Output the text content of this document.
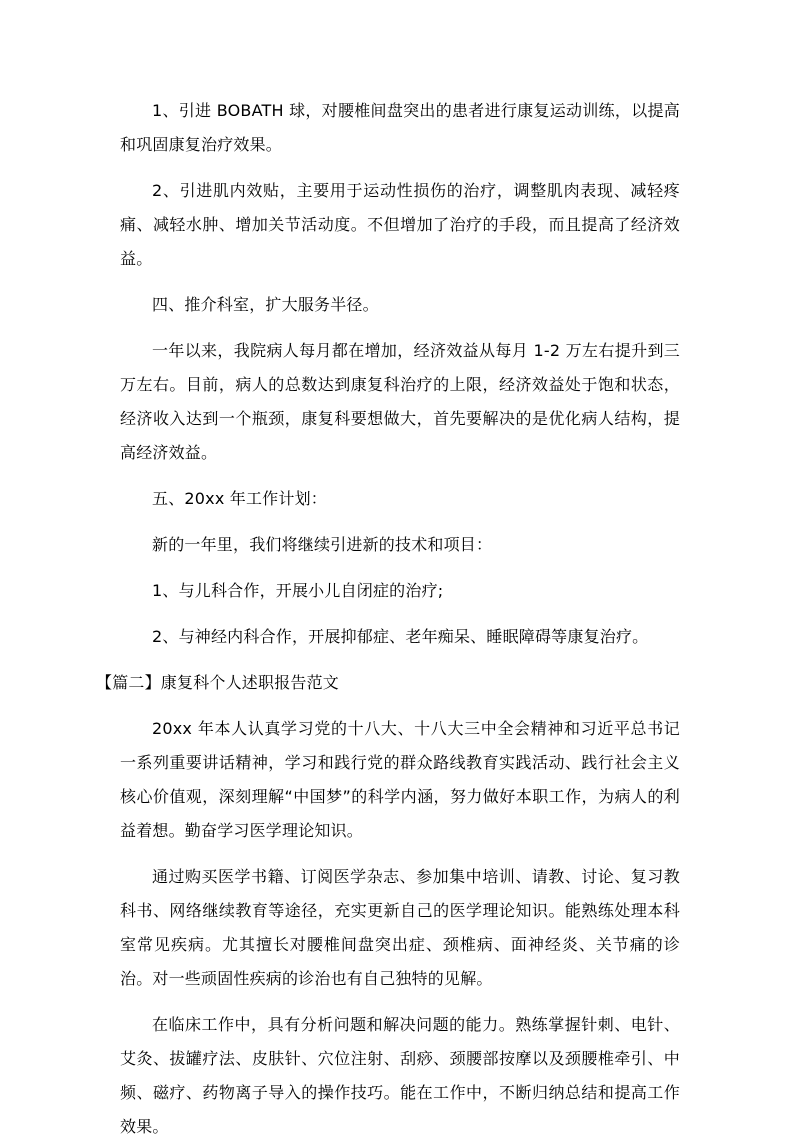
1、引进 BOBATH 球，对腰椎间盘突出的患者进行康复运动训练，以提高和巩固康复治疗效果。

2、引进肌内效贴，主要用于运动性损伤的治疗，调整肌肉表现、减轻疼痛、减轻水肿、增加关节活动度。不但增加了治疗的手段，而且提高了经济效益。

四、推介科室，扩大服务半径。

一年以来，我院病人每月都在增加，经济效益从每月 1-2 万左右提升到三万左右。目前，病人的总数达到康复科治疗的上限，经济效益处于饱和状态，经济收入达到一个瓶颈，康复科要想做大，首先要解决的是优化病人结构，提高经济效益。

五、20xx 年工作计划：

新的一年里，我们将继续引进新的技术和项目：

1、与儿科合作，开展小儿自闭症的治疗;

2、与神经内科合作，开展抑郁症、老年痴呆、睡眠障碍等康复治疗。

【篇二】康复科个人述职报告范文

20xx 年本人认真学习党的十八大、十八大三中全会精神和习近平总书记一系列重要讲话精神，学习和践行党的群众路线教育实践活动、践行社会主义核心价值观，深刻理解“中国梦”的科学内涵，努力做好本职工作，为病人的利益着想。勤奋学习医学理论知识。

通过购买医学书籍、订阅医学杂志、参加集中培训、请教、讨论、复习教科书、网络继续教育等途径，充实更新自己的医学理论知识。能熟练处理本科室常见疾病。尤其擅长对腰椎间盘突出症、颈椎病、面神经炎、关节痛的诊治。对一些顽固性疾病的诊治也有自己独特的见解。

在临床工作中，具有分析问题和解决问题的能力。熟练掌握针刺、电针、艾灸、拔罐疗法、皮肤针、穴位注射、刮痧、颈腰部按摩以及颈腰椎牵引、中频、磁疗、药物离子导入的操作技巧。能在工作中，不断归纳总结和提高工作效果。
